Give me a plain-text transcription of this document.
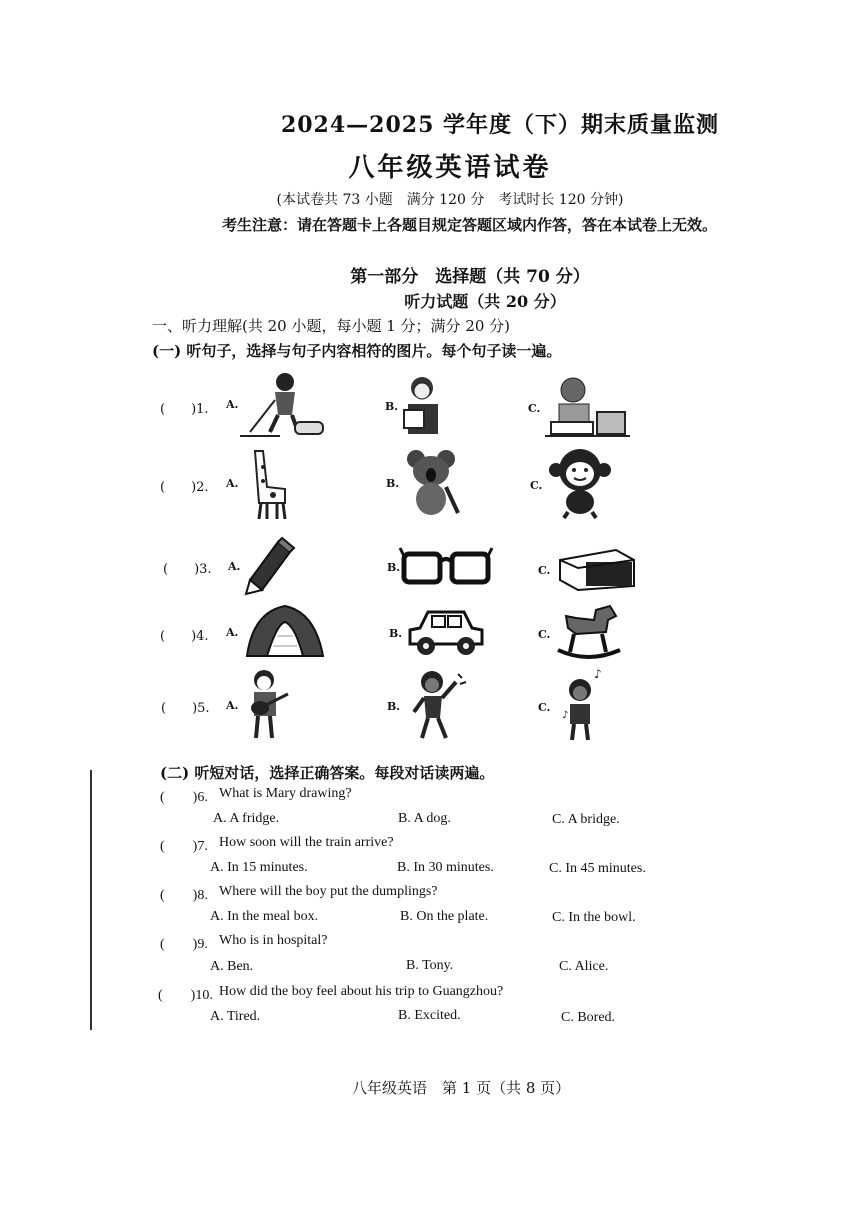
2024—2025 学年度（下）期末质量监测
八年级英语试卷
(本试卷共 73 小题　满分 120 分　考试时长 120 分钟)
考生注意：请在答题卡上各题目规定答题区域内作答，答在本试卷上无效。
第一部分　选择题（共 70 分）
听力试题（共 20 分）
一、听力理解(共 20 小题，每小题 1 分；满分 20 分)
(一) 听句子，选择与句子内容相符的图片。每个句子读一遍。
(　　)1. A.	B.	C.
(　　)2. A.	B.	C.
(　　)3. A.	B.	C.
(　　)4. A.	B.	C.
(　　)5. A.	B.	C.
♪
♪
(二) 听短对话，选择正确答案。每段对话读两遍。
(　　)6. What is Mary drawing?
A. A fridge.	B. A dog.	C. A bridge.
(　　)7. How soon will the train arrive?
A. In 15 minutes.	B. In 30 minutes.	C. In 45 minutes.
(　　)8. Where will the boy put the dumplings?
A. In the meal box.	B. On the plate.	C. In the bowl.
(　　)9. Who is in hospital?
A. Ben.	B. Tony.	C. Alice.
(　　)10. How did the boy feel about his trip to Guangzhou?
A. Tired.	B. Excited.	C. Bored.
八年级英语　第 1 页（共 8 页）
